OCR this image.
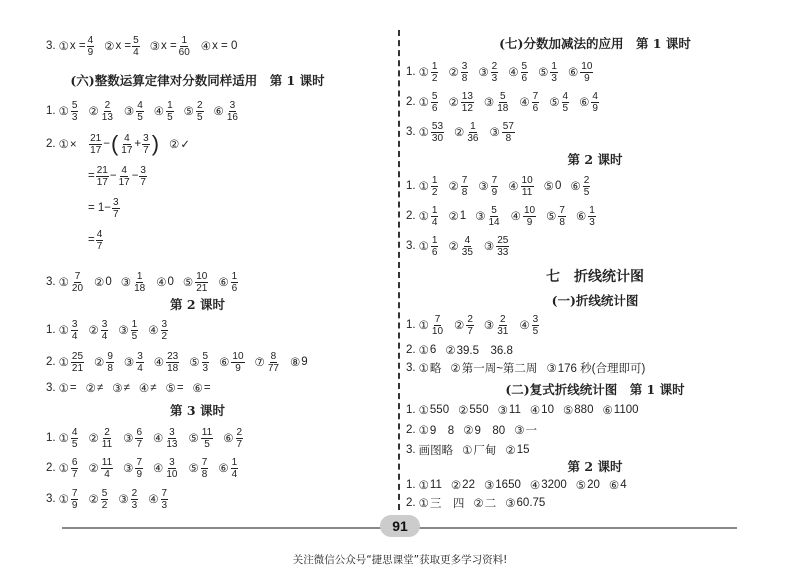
3. ① $x = \frac{4}{9}$ ② $x = \frac{5}{4}$ ③ $x = \frac{1}{60}$ ④ x = 0
(六)整数运算定律对分数同样适用　第 1 课时
1. ① $\frac{5}{3}$ ② $\frac{2}{13}$ ③ $\frac{4}{5}$ ④ $\frac{1}{5}$ ⑤ $\frac{2}{5}$ ⑥ $\frac{3}{16}$
2. ① ×　 $\frac{21}{17}$ − ( $\frac{4}{17} + \frac{3}{7}$ ) ② ✓
= $\frac{21}{17} - \frac{4}{17} - \frac{3}{7}$
= $1- \frac{3}{7}$
= $\frac{4}{7}$
3. ① $\frac{7}{20}$ ② 0 ③ $\frac{1}{18}$ ④ 0 ⑤ $\frac{10}{21}$ ⑥ $\frac{1}{6}$
第 2 课时
1. ① $\frac{3}{4}$ ② $\frac{3}{4}$ ③ $\frac{1}{5}$ ④ $\frac{3}{2}$
2. ① $\frac{25}{21}$ ② $\frac{9}{8}$ ③ $\frac{3}{4}$ ④ $\frac{23}{18}$ ⑤ $\frac{5}{3}$ ⑥ $\frac{10}{9}$ ⑦ $\frac{8}{77}$ ⑧ 9
3. ① = ② ≠ ③ ≠ ④ ≠ ⑤ = ⑥ =
第 3 课时
1. ① $\frac{4}{5}$ ② $\frac{2}{11}$ ③ $\frac{6}{7}$ ④ $\frac{3}{13}$ ⑤ $\frac{11}{5}$ ⑥ $\frac{2}{7}$
2. ① $\frac{6}{7}$ ② $\frac{11}{4}$ ③ $\frac{7}{9}$ ④ $\frac{3}{10}$ ⑤ $\frac{7}{8}$ ⑥ $\frac{1}{4}$
3. ① $\frac{7}{9}$ ② $\frac{5}{2}$ ③ $\frac{2}{3}$ ④ $\frac{7}{3}$
(七)分数加减法的应用　第 1 课时
1. ① $\frac{1}{2}$ ② $\frac{3}{8}$ ③ $\frac{2}{3}$ ④ $\frac{5}{6}$ ⑤ $\frac{1}{3}$ ⑥ $\frac{10}{9}$
2. ① $\frac{5}{6}$ ② $\frac{13}{12}$ ③ $\frac{5}{18}$ ④ $\frac{7}{6}$ ⑤ $\frac{4}{5}$ ⑥ $\frac{4}{9}$
3. ① $\frac{53}{30}$ ② $\frac{1}{36}$ ③ $\frac{57}{8}$
第 2 课时
1. ① $\frac{1}{2}$ ② $\frac{7}{8}$ ③ $\frac{7}{9}$ ④ $\frac{10}{11}$ ⑤ 0 ⑥ $\frac{2}{5}$
2. ① $\frac{1}{4}$ ② 1 ③ $\frac{5}{14}$ ④ $\frac{10}{9}$ ⑤ $\frac{7}{8}$ ⑥ $\frac{1}{3}$
3. ① $\frac{1}{6}$ ② $\frac{4}{35}$ ③ $\frac{25}{33}$
七　折线统计图
(一)折线统计图
1. ① $\frac{7}{10}$ ② $\frac{2}{7}$ ③ $\frac{2}{31}$ ④ $\frac{3}{5}$
2. ① 6 ② 39.5　36.8
3. ① 略 ② 第一周~第二周 ③ 176 秒(合理即可)
(二)复式折线统计图　第 1 课时
1. ① 550 ② 550 ③ 11 ④ 10 ⑤ 880 ⑥ 1100
2. ① 9　8 ② 9　80 ③ 一
3. 画图略 ① 厂甸 ② 15
第 2 课时
1. ① 11 ② 22 ③ 1650 ④ 3200 ⑤ 20 ⑥ 4
2. ① 三　四 ② 二 ③ 60.75
91
关注微信公众号“捷思课堂”获取更多学习资料!
